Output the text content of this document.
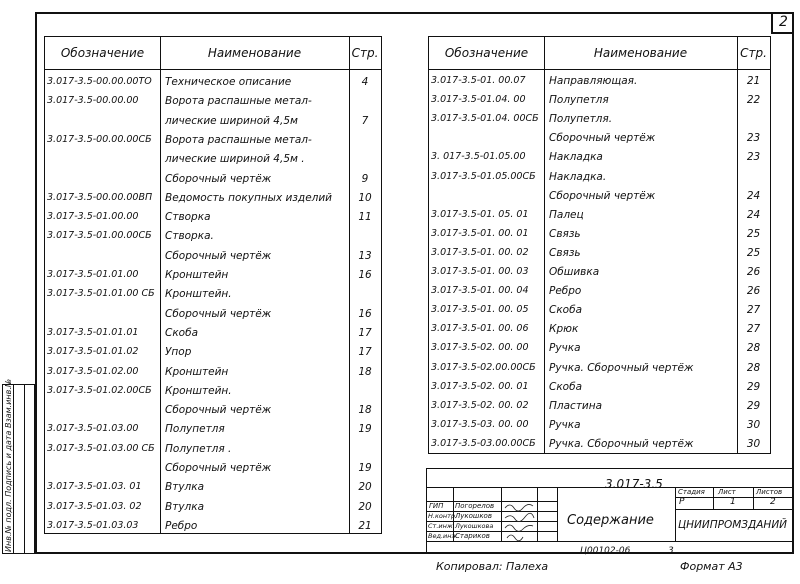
2
Обозначение	Наименование	Стр.
3.017-3.5-00.00.00ТО	Техническое описание	4
3.017-3.5-00.00.00	Ворота распашные метал-
лические шириной 4,5м	7
3.017-3.5-00.00.00СБ	Ворота распашные метал-
лические шириной 4,5м .
Сборочный чертёж	9
3.017-3.5-00.00.00ВП	Ведомость покупных изделий	10
3.017-3.5-01.00.00	Створка	11
3.017-3.5-01.00.00СБ	Створка.
Сборочный чертёж	13
3.017-3.5-01.01.00	Кронштейн	16
3.017-3.5-01.01.00 СБ Кронштейн.
Сборочный чертёж	16
3.017-3.5-01.01.01	Скоба	17
3.017-3.5-01.01.02	Упор	17
3.017-3.5-01.02.00	Кронштейн	18
3.017-3.5-01.02.00СБ	Кронштейн.
Сборочный чертёж	18
3.017-3.5-01.03.00	Полупетля	19
3.017-3.5-01.03.00 СБ Полупетля .
Сборочный чертёж	19
3.017-3.5-01.03. 01	Втулка	20
3.017-3.5-01.03. 02	Втулка	20
3.017-3.5-01.03.03	Ребро	21
Обозначение	Наименование	Стр.
3.017-3.5-01. 00.07	Направляющая.	21
3.017-3.5-01.04. 00	Полупетля	22
3.017-3.5-01.04. 00СБ Полупетля.
Сборочный чертёж	23
3. 017-3.5-01.05.00	Накладка	23
3.017-3.5-01.05.00СБ	Накладка.
Сборочный чертёж	24
3.017-3.5-01. 05. 01	Палец	24
3.017-3.5-01. 00. 01	Связь	25
3.017-3.5-01. 00. 02	Связь	25
3.017-3.5-01. 00. 03	Обшивка	26
3.017-3.5-01. 00. 04	Ребро	26
3.017-3.5-01. 00. 05	Скоба	27
3.017-3.5-01. 00. 06	Крюк	27
3.017-3.5-02. 00. 00	Ручка	28
3.017-3.5-02.00.00СБ	Ручка. Сборочный чертёж	28
3.017-3.5-02. 00. 01	Скоба	29
3.017-3.5-02. 00. 02	Пластина	29
3.017-3.5-03. 00. 00	Ручка	30
3.017-3.5-03.00.00СБ	Ручка. Сборочный чертёж	30
3.017-3.5
Содержание
Стадия Лист	Листов
Р	1	2
ЦНИИПРОМЗДАНИЙ
ГИП Погорелов
Н.контр.
Лукошков
Ст.инж. Лукошкова
Вед.инж.
Стариков
Ц00102-06	3
Копировал: Палеха	Формат А3
Инв.№ подл. Подпись и дата Взам.инв.№
